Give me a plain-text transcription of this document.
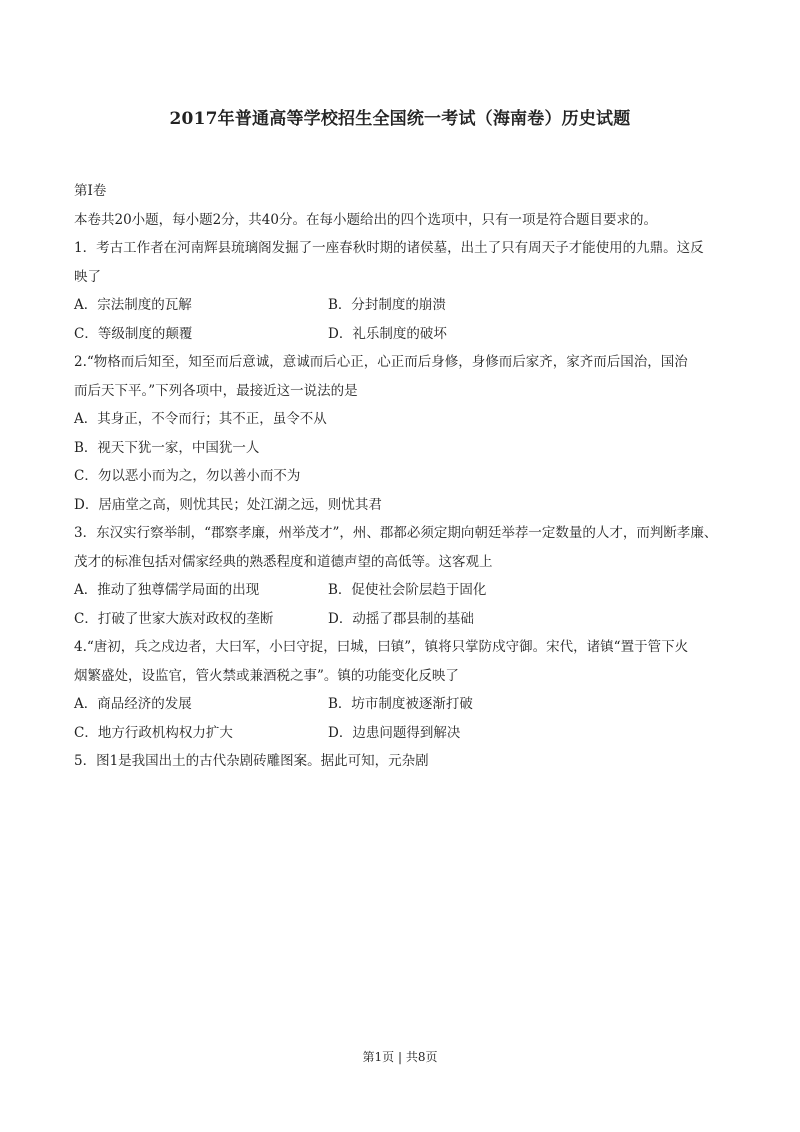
2017年普通高等学校招生全国统一考试（海南卷）历史试题
第Ⅰ卷
本卷共20小题，每小题2分，共40分。在每小题给出的四个选项中，只有一项是符合题目要求的。
1．考古工作者在河南辉县琉璃阁发掘了一座春秋时期的诸侯墓，出土了只有周天子才能使用的九鼎。这反
映了
A．宗法制度的瓦解	B．分封制度的崩溃
C．等级制度的颠覆	D．礼乐制度的破坏
2.“物格而后知至，知至而后意诚，意诚而后心正，心正而后身修，身修而后家齐，家齐而后国治，国治
而后天下平。”下列各项中，最接近这一说法的是
A．其身正，不令而行；其不正，虽令不从
B．视天下犹一家，中国犹一人
C．勿以恶小而为之，勿以善小而不为
D．居庙堂之高，则忧其民；处江湖之远，则忧其君
3．东汉实行察举制，“郡察孝廉，州举茂才”，州、郡都必须定期向朝廷举荐一定数量的人才，而判断孝廉、
茂才的标准包括对儒家经典的熟悉程度和道德声望的高低等。这客观上
A．推动了独尊儒学局面的出现	B．促使社会阶层趋于固化
C．打破了世家大族对政权的垄断	D．动摇了郡县制的基础
4.“唐初，兵之戍边者，大曰军，小曰守捉，曰城，曰镇”，镇将只掌防戍守御。宋代，诸镇“置于管下火
烟繁盛处，设监官，管火禁或兼酒税之事”。镇的功能变化反映了
A．商品经济的发展	B．坊市制度被逐渐打破
C．地方行政机构权力扩大	D．边患问题得到解决
5．图1是我国出土的古代杂剧砖雕图案。据此可知，元杂剧
第1页 | 共8页
